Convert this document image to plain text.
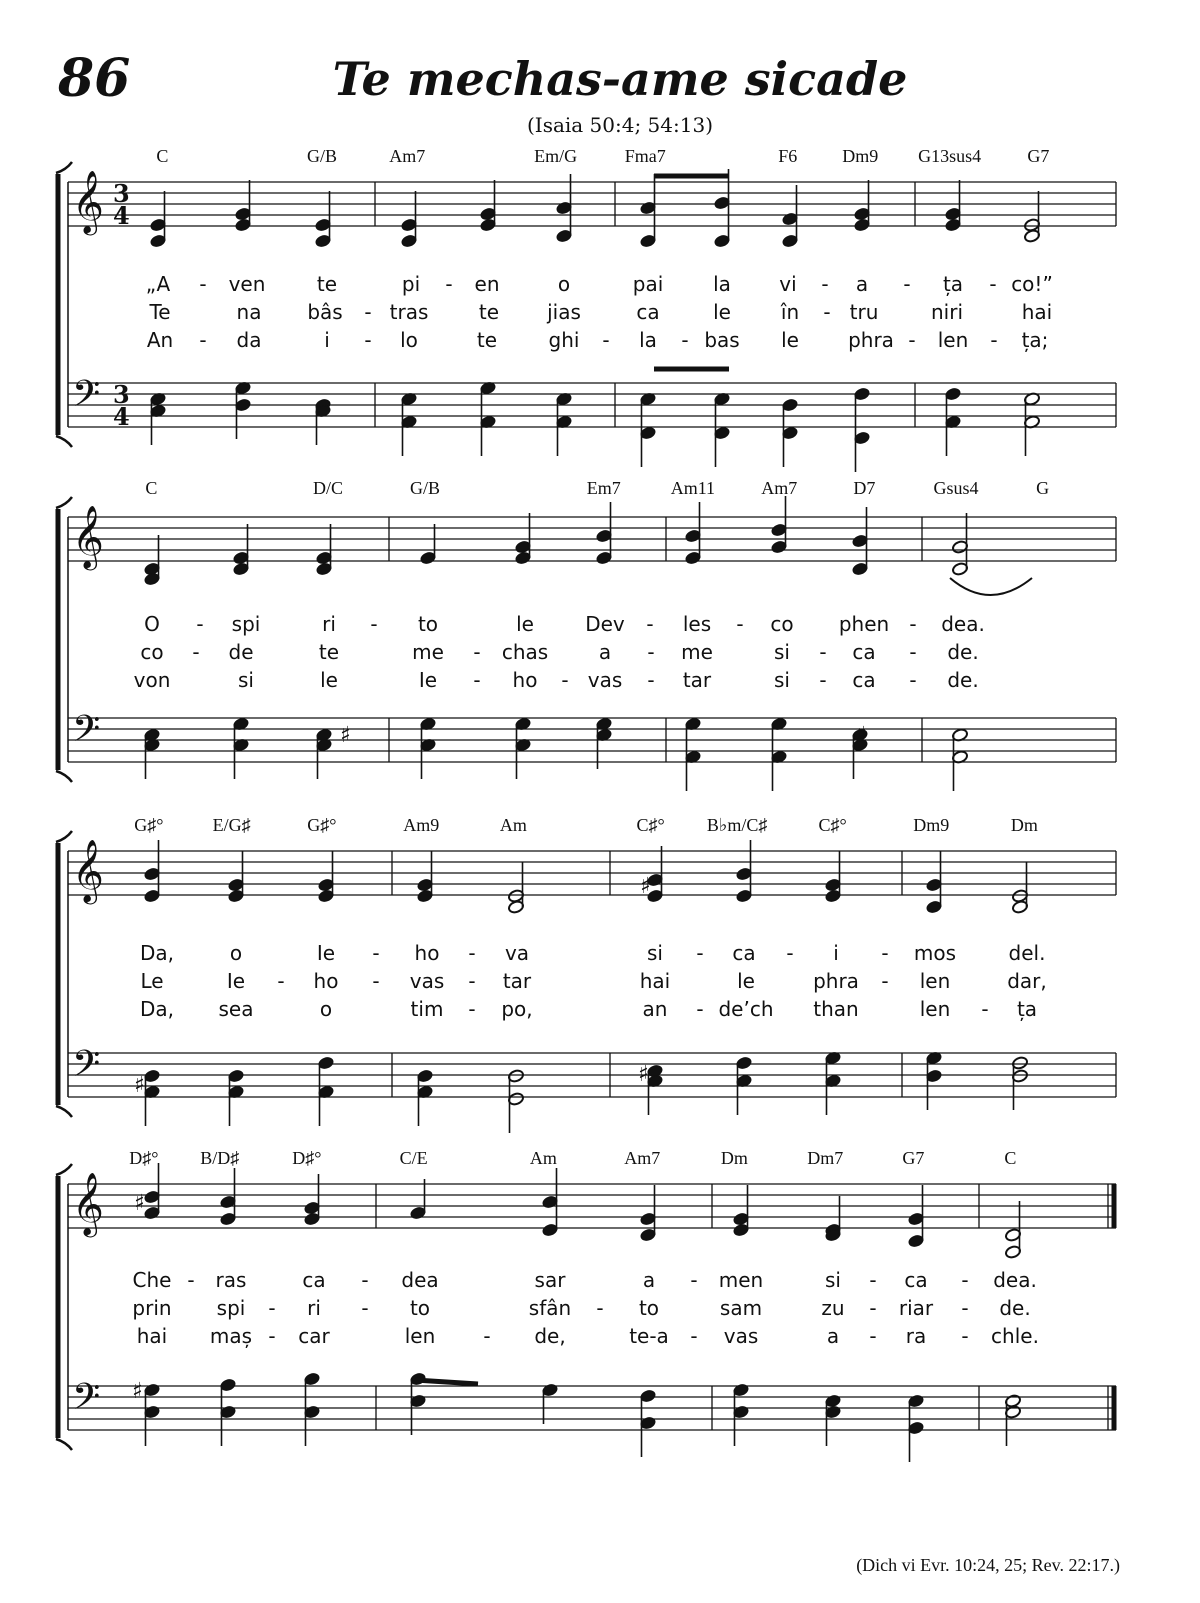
86	Te mechas-ame sicade
(Isaia 50:4; 54:13)
𝄞
𝄢
3
4
3
4
𝄞
𝄢
𝄞
𝄢
𝄞
𝄢
♯
♯	♯
♯	♯
♯
♯
C	G/B	Am7	Em/G	Fma7	F6 Dm9 G13sus4	G7
„A	ven	te	pi	en	o	pai la vi	a	ța co!”
Te	na bâs tras	te jias	ca	le în	tru	niri	hai
An	da	i	lo	te	ghi	la bas le phra len	ța;
-	-	-	-	-
-	-
-	-	-	-	-	-
C	D/C	G/B	Em7	Am11	Am7	D7	Gsus4	G
O	spi	ri	to	le	Dev	les	co phen	dea.
co	de	te	me	chas	a	me	si	ca	de.
von	si	le	Ie	ho	vas	tar	si	ca	de.
-	-	-	-	-
-	-	-	-	-
-	-	-	-	-
G♯°	E/G♯	G♯°	Am9	Am	C♯° B♭m/C♯	C♯°	Dm9	Dm
Da,	o	Ie	ho	va	si	ca	i	mos	del.
Le	Ie	ho	vas	tar	hai	le	phra	len	dar,
Da, sea	o	tim	po,	an	de’ch than	len	ța
-	-	-	-	-
-	-	-	-
-	-	-
D♯° B/D♯	D♯°	C/E	Am	Am7	Dm	Dm7	G7	C
Che ras	ca	dea	sar	a	men	si	ca	dea.
prin spi	ri	to	sfân	to	sam	zu	riar	de.
hai maș car	len	de,	te-a	vas	a	ra	chle.
-	-	-	-	-
-	-	-	-	-
-	-	-	-	-
(Dich vi Evr. 10:24, 25; Rev. 22:17.)
